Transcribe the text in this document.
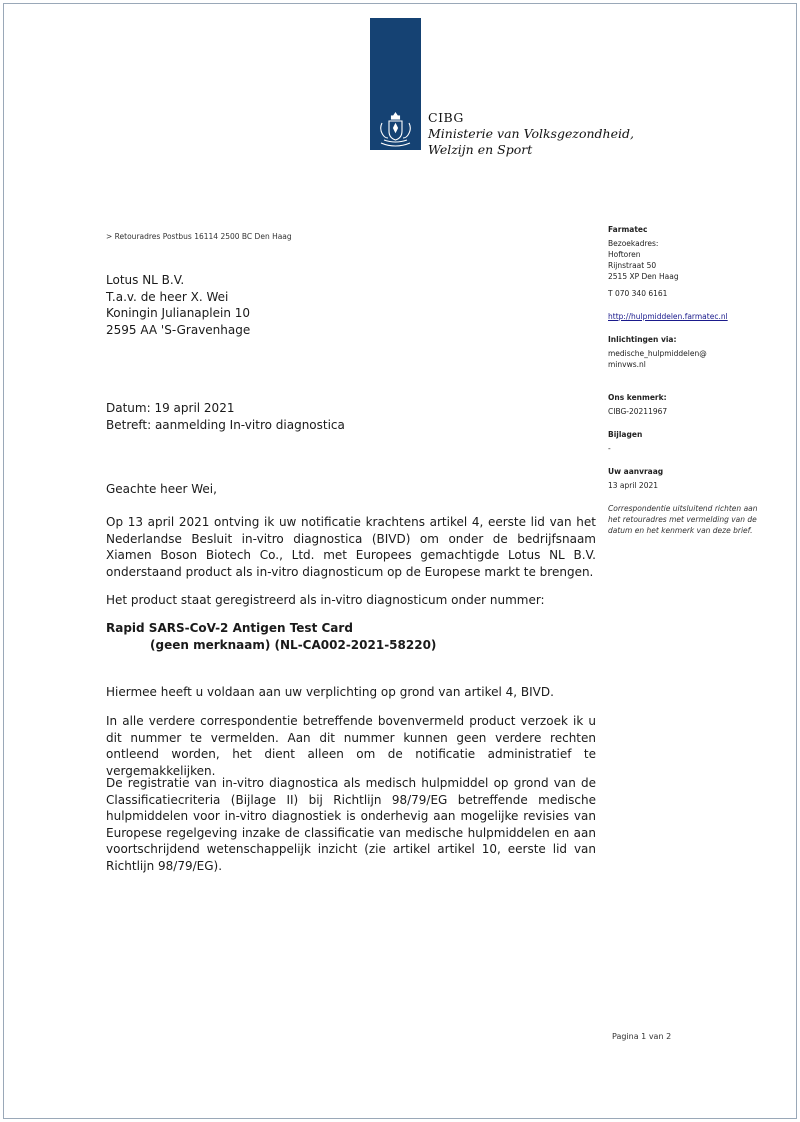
CIBG
Ministerie van Volksgezondheid,
Welzijn en Sport
> Retouradres Postbus 16114 2500 BC Den Haag
Lotus NL B.V.
T.a.v. de heer X. Wei
Koningin Julianaplein 10
2595 AA 'S-Gravenhage
Datum: 19 april 2021
Betreft: aanmelding In-vitro diagnostica
Geachte heer Wei,
Op 13 april 2021 ontving ik uw notificatie krachtens artikel 4, eerste lid van het Nederlandse Besluit in-vitro diagnostica (BIVD) om onder de bedrijfsnaam Xiamen Boson Biotech Co., Ltd. met Europees gemachtigde Lotus NL B.V. onderstaand product als in-vitro diagnosticum op de Europese markt te brengen.
Het product staat geregistreerd als in-vitro diagnosticum onder nummer:
Rapid SARS-CoV-2 Antigen Test Card
(geen merknaam) (NL-CA002-2021-58220)
Hiermee heeft u voldaan aan uw verplichting op grond van artikel 4, BIVD.
In alle verdere correspondentie betreffende bovenvermeld product verzoek ik u dit nummer te vermelden. Aan dit nummer kunnen geen verdere rechten ontleend worden, het dient alleen om de notificatie administratief te vergemakkelijken.
De registratie van in-vitro diagnostica als medisch hulpmiddel op grond van de Classificatiecriteria (Bijlage II) bij Richtlijn 98/79/EG betreffende medische hulpmiddelen voor in-vitro diagnostiek is onderhevig aan mogelijke revisies van Europese regelgeving inzake de classificatie van medische hulpmiddelen en aan voortschrijdend wetenschappelijk inzicht (zie artikel artikel 10, eerste lid van Richtlijn 98/79/EG).
Farmatec
Bezoekadres:
Hoftoren
Rijnstraat 50
2515 XP Den Haag
T 070 340 6161
http://hulpmiddelen.farmatec.nl
Inlichtingen via:
medische_hulpmiddelen@
minvws.nl
Ons kenmerk:
CIBG-20211967
Bijlagen
-
Uw aanvraag
13 april 2021
Correspondentie uitsluitend richten aan het retouradres met vermelding van de datum en het kenmerk van deze brief.
Pagina 1 van 2
